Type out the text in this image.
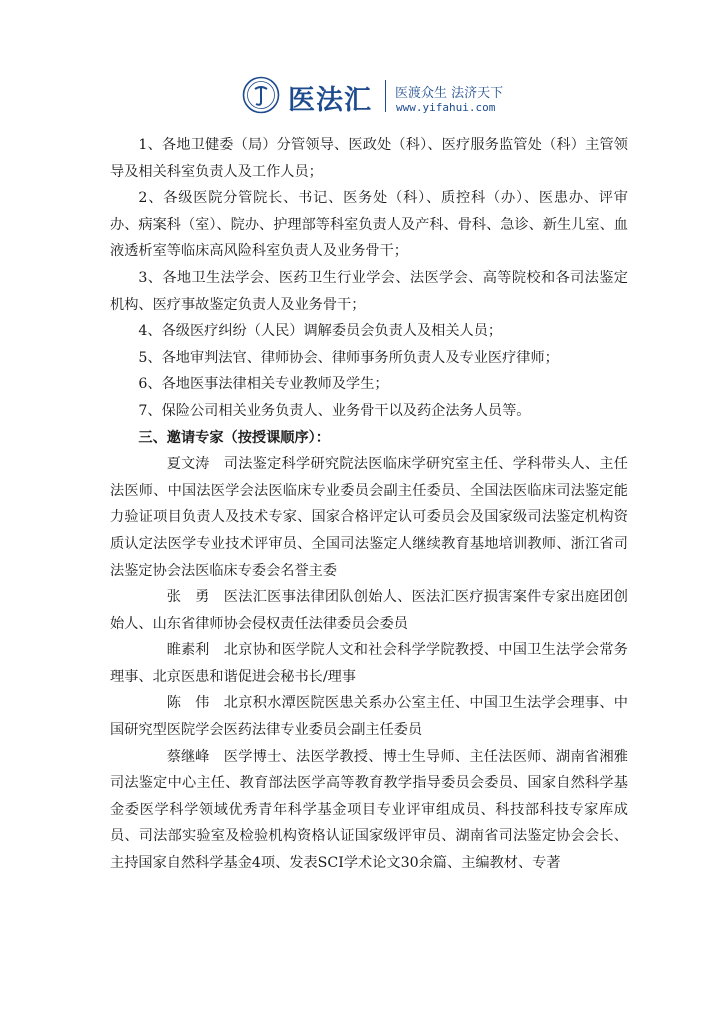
医法汇 医渡众生 法济天下
www.yifahui.com

1、各地卫健委（局）分管领导、医政处（科）、医疗服务监管处（科）主管领导及相关科室负责人及工作人员；

2、各级医院分管院长、书记、医务处（科）、质控科（办）、医患办、评审办、病案科（室）、院办、护理部等科室负责人及产科、骨科、急诊、新生儿室、血液透析室等临床高风险科室负责人及业务骨干；

3、各地卫生法学会、医药卫生行业学会、法医学会、高等院校和各司法鉴定机构、医疗事故鉴定负责人及业务骨干；

4、各级医疗纠纷（人民）调解委员会负责人及相关人员；

5、各地审判法官、律师协会、律师事务所负责人及专业医疗律师；

6、各地医事法律相关专业教师及学生；

7、保险公司相关业务负责人、业务骨干以及药企法务人员等。

三、邀请专家（按授课顺序）：

夏文涛 司法鉴定科学研究院法医临床学研究室主任、学科带头人、主任法医师、中国法医学会法医临床专业委员会副主任委员、全国法医临床司法鉴定能力验证项目负责人及技术专家、国家合格评定认可委员会及国家级司法鉴定机构资质认定法医学专业技术评审员、全国司法鉴定人继续教育基地培训教师、浙江省司法鉴定协会法医临床专委会名誉主委

张　勇 医法汇医事法律团队创始人、医法汇医疗损害案件专家出庭团创始人、山东省律师协会侵权责任法律委员会委员

睢素利 北京协和医学院人文和社会科学学院教授、中国卫生法学会常务理事、北京医患和谐促进会秘书长/理事

陈　伟 北京积水潭医院医患关系办公室主任、中国卫生法学会理事、中国研究型医院学会医药法律专业委员会副主任委员

蔡继峰 医学博士、法医学教授、博士生导师、主任法医师、湖南省湘雅司法鉴定中心主任、教育部法医学高等教育教学指导委员会委员、国家自然科学基金委医学科学领域优秀青年科学基金项目专业评审组成员、科技部科技专家库成员、司法部实验室及检验机构资格认证国家级评审员、湖南省司法鉴定协会会长、主持国家自然科学基金4项、发表SCI学术论文30余篇、主编教材、专著
